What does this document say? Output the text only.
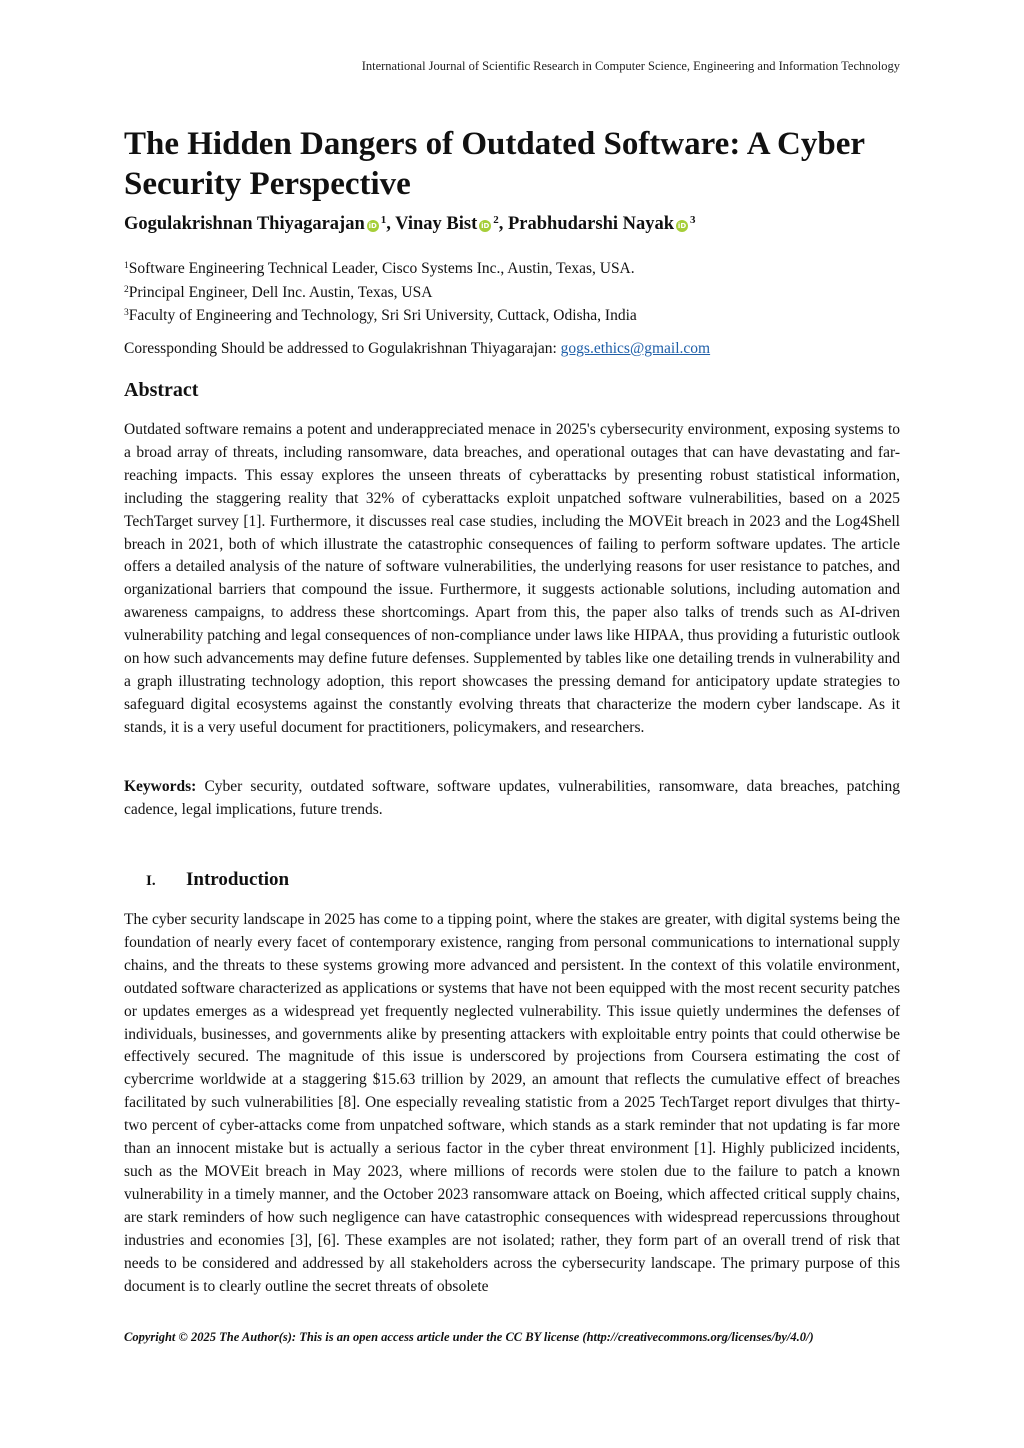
International Journal of Scientific Research in Computer Science, Engineering and Information Technology
The Hidden Dangers of Outdated Software: A Cyber Security Perspective
Gogulakrishnan Thiyagarajan iD $^1$, Vinay Bist iD $^2$, Prabhudarshi Nayak iD $^3$
$^1$Software Engineering Technical Leader, Cisco Systems Inc., Austin, Texas, USA.
$^2$Principal Engineer, Dell Inc. Austin, Texas, USA
$^3$Faculty of Engineering and Technology, Sri Sri University, Cuttack, Odisha, India
Coressponding Should be addressed to Gogulakrishnan Thiyagarajan: gogs.ethics@gmail.com
Abstract

Outdated software remains a potent and underappreciated menace in 2025's cybersecurity environment, exposing systems to a broad array of threats, including ransomware, data breaches, and operational outages that can have devastating and far-reaching impacts. This essay explores the unseen threats of cyberattacks by presenting robust statistical information, including the staggering reality that 32% of cyberattacks exploit unpatched software vulnerabilities, based on a 2025 TechTarget survey [1]. Furthermore, it discusses real case studies, including the MOVEit breach in 2023 and the Log4Shell breach in 2021, both of which illustrate the catastrophic consequences of failing to perform software updates. The article offers a detailed analysis of the nature of software vulnerabilities, the underlying reasons for user resistance to patches, and organizational barriers that compound the issue. Furthermore, it suggests actionable solutions, including automation and awareness campaigns, to address these shortcomings. Apart from this, the paper also talks of trends such as AI-driven vulnerability patching and legal consequences of non-compliance under laws like HIPAA, thus providing a futuristic outlook on how such advancements may define future defenses. Supplemented by tables like one detailing trends in vulnerability and a graph illustrating technology adoption, this report showcases the pressing demand for anticipatory update strategies to safeguard digital ecosystems against the constantly evolving threats that characterize the modern cyber landscape. As it stands, it is a very useful document for practitioners, policymakers, and researchers.

Keywords: Cyber security, outdated software, software updates, vulnerabilities, ransomware, data breaches, patching cadence, legal implications, future trends.

I. Introduction

The cyber security landscape in 2025 has come to a tipping point, where the stakes are greater, with digital systems being the foundation of nearly every facet of contemporary existence, ranging from personal communications to international supply chains, and the threats to these systems growing more advanced and persistent. In the context of this volatile environment, outdated software characterized as applications or systems that have not been equipped with the most recent security patches or updates emerges as a widespread yet frequently neglected vulnerability. This issue quietly undermines the defenses of individuals, businesses, and governments alike by presenting attackers with exploitable entry points that could otherwise be effectively secured. The magnitude of this issue is underscored by projections from Coursera estimating the cost of cybercrime worldwide at a staggering $15.63 trillion by 2029, an amount that reflects the cumulative effect of breaches facilitated by such vulnerabilities [8]. One especially revealing statistic from a 2025 TechTarget report divulges that thirty-two percent of cyber-attacks come from unpatched software, which stands as a stark reminder that not updating is far more than an innocent mistake but is actually a serious factor in the cyber threat environment [1]. Highly publicized incidents, such as the MOVEit breach in May 2023, where millions of records were stolen due to the failure to patch a known vulnerability in a timely manner, and the October 2023 ransomware attack on Boeing, which affected critical supply chains, are stark reminders of how such negligence can have catastrophic consequences with widespread repercussions throughout industries and economies [3], [6]. These examples are not isolated; rather, they form part of an overall trend of risk that needs to be considered and addressed by all stakeholders across the cybersecurity landscape. The primary purpose of this document is to clearly outline the secret threats of obsolete

Copyright © 2025 The Author(s): This is an open access article under the CC BY license (http://creativecommons.org/licenses/by/4.0/)
